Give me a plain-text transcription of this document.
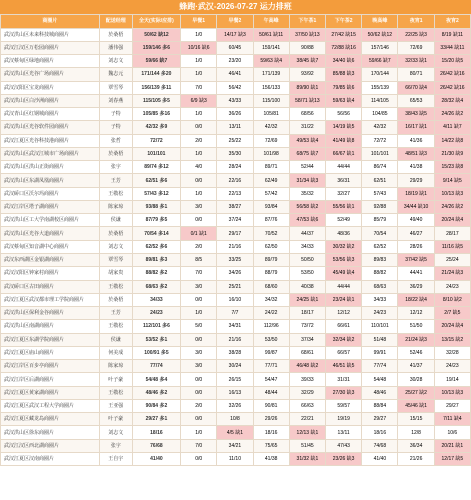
蜂跑·武汉-2026-07-27 运力排班
商圈片	配送经理	全天(实际/应排)	早餐1	早餐2	午高峰	下午茶1	下午茶2	晚高峰	夜宵1	夜宵2
武汉洪山区未来科技城商圈片	於桑梧	50/62 缺12	1/0	14/17 缺3	50/61 缺11	37/50 缺13	27/42 缺15	50/62 缺12	22/25 缺3	8/19 缺11
武汉江汉区万松园商圈片	潘伟强	159/146 多6	10/16 缺6	60/45	159/141	90/88	72/88 缺16	157/146	72/69	33/44 缺11
武汉蔡甸区绿地商圈片	刘志文	59/66 缺7	1/0	23/20	59/63 缺4	38/45 缺7	34/40 缺6	59/66 缺7	32/33 缺1	15/20 缺5
武汉洪山区光谷广场商圈片	魏志元	171/144 多20	1/0	46/41	171/139	93/92	85/88 缺3	170/144	80/71	26/42 缺16
武汉汉阳区宝龙商圈片	覃雪琴	156/139 多11	7/0	56/42	156/133	89/90 缺1	79/85 缺6	155/139	66/70 缺4	26/42 缺16
武汉洪山区白沙洲商圈片	刘春燕	115/105 多5	6/9 缺3	43/33	115/100	58/71 缺13	59/63 缺4	114/105	65/53	28/32 缺4
武汉青山区红钢城商圈片	子特	105/85 多16	1/0	36/26	105/81	68/56	56/56	104/85	38/43 缺5	24/26 缺2
武汉洪山区光谷软件园商圈片	子特	42/32 多9	0/0	13/11	42/32	31/22	14/19 缺5	42/32	16/17 缺1	4/11 缺7
武汉江夏区光谷科技港商圈片	张哲	72/72	2/0	25/22	72/69	49/53 缺4	41/49 缺8	72/72	41/36	14/22 缺8
武汉洪山区武汉江城市广场商圈片	於桑梧	101/101	1/0	35/30	101/98	68/75 缺7	66/67 缺1	101/101	48/51 缺3	21/30 缺9
武汉洪山区洪山正街商圈片	张宇	89/74 多12	4/0	28/24	89/71	52/44	44/44	86/74	41/38	15/23 缺8
武汉洪山区东湖凤凰商圈片	王芳	62/51 多6	0/0	22/16	62/49	31/34 缺3	36/31	62/51	29/29	9/14 缺5
武汉硚口区沃尔玛商圈片	王敬松	57/43 多12	1/0	22/13	57/42	35/32	32/27	57/43	18/19 缺1	10/13 缺3
武汉江岸区塔子湖商圈片	陈家琼	93/88 多1	3/0	38/27	93/84	56/58 缺2	55/56 缺1	92/88	34/44 缺10	24/26 缺2
武汉洪山区工大学南湖校区商圈片	侯谦	87/79 多5	0/0	37/24	87/76	47/53 缺6	52/49	85/79	49/40	20/24 缺4
武汉洪山区光谷大道商圈片	於桑梧	70/54 多14	0/1 缺1	29/17	70/52	44/37	48/36	70/54	46/27	28/17
武汉蔡甸区知音湖中心商圈片	刘志文	62/52 多6	2/0	21/16	62/50	34/33	30/32 缺2	62/52	28/26	11/16 缺5
武汉东西湖区金银湖商圈片	覃雪琴	89/81 多3	8/5	33/25	89/79	50/50	53/56 缺3	89/83	37/42 缺5	25/24
武汉汉阳区钟家村商圈片	胡家贵	88/82 多2	7/0	34/26	88/79	53/50	45/49 缺4	88/82	44/41	21/24 缺3
武汉硚口区古田商圈片	王敬松	68/63 多2	3/0	25/21	68/60	40/38	44/44	68/63	36/29	24/23
武汉江夏区武汉都市理工学院商圈片	於桑梧	34/33	0/0	16/10	34/32	24/25 缺1	23/24 缺1	34/33	18/22 缺4	8/10 缺2
武汉洪山区保利金谷商圈片	王芳	24/23	1/0	7/7	24/22	18/17	12/12	24/23	12/12	2/7 缺5
武汉洪山区南湖商圈片	王敬松	112/101 多6	5/0	34/31	112/96	73/72	66/61	110/101	51/50	20/24 缺4
武汉江夏区东湖学院商圈片	侯谦	53/52 多1	0/0	21/16	53/50	37/34	32/34 缺2	51/48	21/24 缺3	13/15 缺2
武汉江夏区庙山商圈片	何美成	100/91 多5	3/0	38/28	99/87	68/61	66/57	99/91	52/46	32/28
武汉江岸区百步亭商圈片	陈家琼	77/74	3/0	30/24	77/71	46/48 缺2	46/51 缺5	77/74	41/37	24/23
武汉江岸区后湖商圈片	叶子豪	54/48 多4	0/0	26/15	54/47	39/33	31/31	54/48	30/28	19/14
武汉江夏区黄家湖商圈片	王敬松	48/46 多2	0/0	16/13	48/44	32/29	27/30 缺3	48/46	25/27 缺2	10/13 缺3
武汉江夏区武汉工程大学商圈片	王亚强	90/84 多2	2/0	32/26	90/81	66/63	59/57	88/84	45/46 缺1	29/27
武汉江夏区藏龙岛商圈片	叶子豪	29/27 多1	0/0	10/8	29/26	22/21	19/19	29/27	15/15	7/11 缺4
武汉洪山区徐东商圈片	刘志文	18/16	1/0	4/5 缺1	18/16	12/13 缺1	13/11	18/16	12/8	10/6
武汉江汉区西北湖商圈片	张宇	76/68	7/0	34/21	75/65	51/45	47/43	74/68	36/34	20/21 缺1
武汉江夏区汉南商圈片	王自宇	41/40	0/0	11/10	41/38	31/32 缺1	23/26 缺3	41/40	21/26	12/17 缺5
